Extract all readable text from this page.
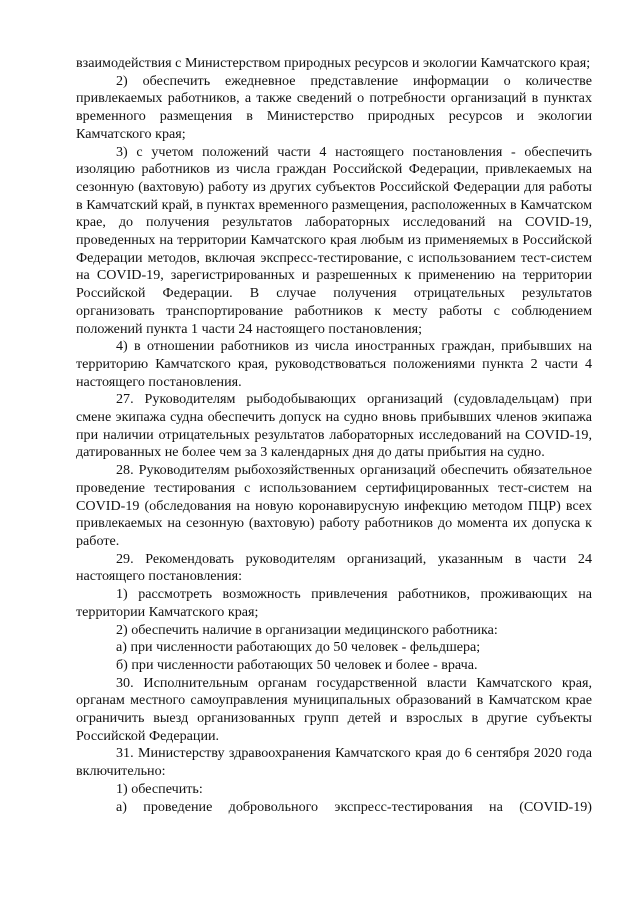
взаимодействия с Министерством природных ресурсов и экологии Камчатского края;

2) обеспечить ежедневное представление информации о количестве привлекаемых работников, а также сведений о потребности организаций в пунктах временного размещения в Министерство природных ресурсов и экологии Камчатского края;

3) с учетом положений части 4 настоящего постановления - обеспечить изоляцию работников из числа граждан Российской Федерации, привлекаемых на сезонную (вахтовую) работу из других субъектов Российской Федерации для работы в Камчатский край, в пунктах временного размещения, расположенных в Камчатском крае, до получения результатов лабораторных исследований на COVID-19, проведенных на территории Камчатского края любым из применяемых в Российской Федерации методов, включая экспресс-тестирование, с использованием тест-систем на COVID-19, зарегистрированных и разрешенных к применению на территории Российской Федерации. В случае получения отрицательных результатов организовать транспортирование работников к месту работы с соблюдением положений пункта 1 части 24 настоящего постановления;

4) в отношении работников из числа иностранных граждан, прибывших на территорию Камчатского края, руководствоваться положениями пункта 2 части 4 настоящего постановления.

27. Руководителям рыбодобывающих организаций (судовладельцам) при смене экипажа судна обеспечить допуск на судно вновь прибывших членов экипажа при наличии отрицательных результатов лабораторных исследований на COVID-19, датированных не более чем за 3 календарных дня до даты прибытия на судно.

28. Руководителям рыбохозяйственных организаций обеспечить обязательное проведение тестирования с использованием сертифицированных тест-систем на COVID-19 (обследования на новую коронавирусную инфекцию методом ПЦР) всех привлекаемых на сезонную (вахтовую) работу работников до момента их допуска к работе.

29. Рекомендовать руководителям организаций, указанным в части 24 настоящего постановления:

1) рассмотреть возможность привлечения работников, проживающих на территории Камчатского края;

2) обеспечить наличие в организации медицинского работника:

а) при численности работающих до 50 человек - фельдшера;

б) при численности работающих 50 человек и более - врача.

30. Исполнительным органам государственной власти Камчатского края, органам местного самоуправления муниципальных образований в Камчатском крае ограничить выезд организованных групп детей и взрослых в другие субъекты Российской Федерации.

31. Министерству здравоохранения Камчатского края до 6 сентября 2020 года включительно:

1) обеспечить:

а) проведение добровольного экспресс-тестирования на (COVID-19)
